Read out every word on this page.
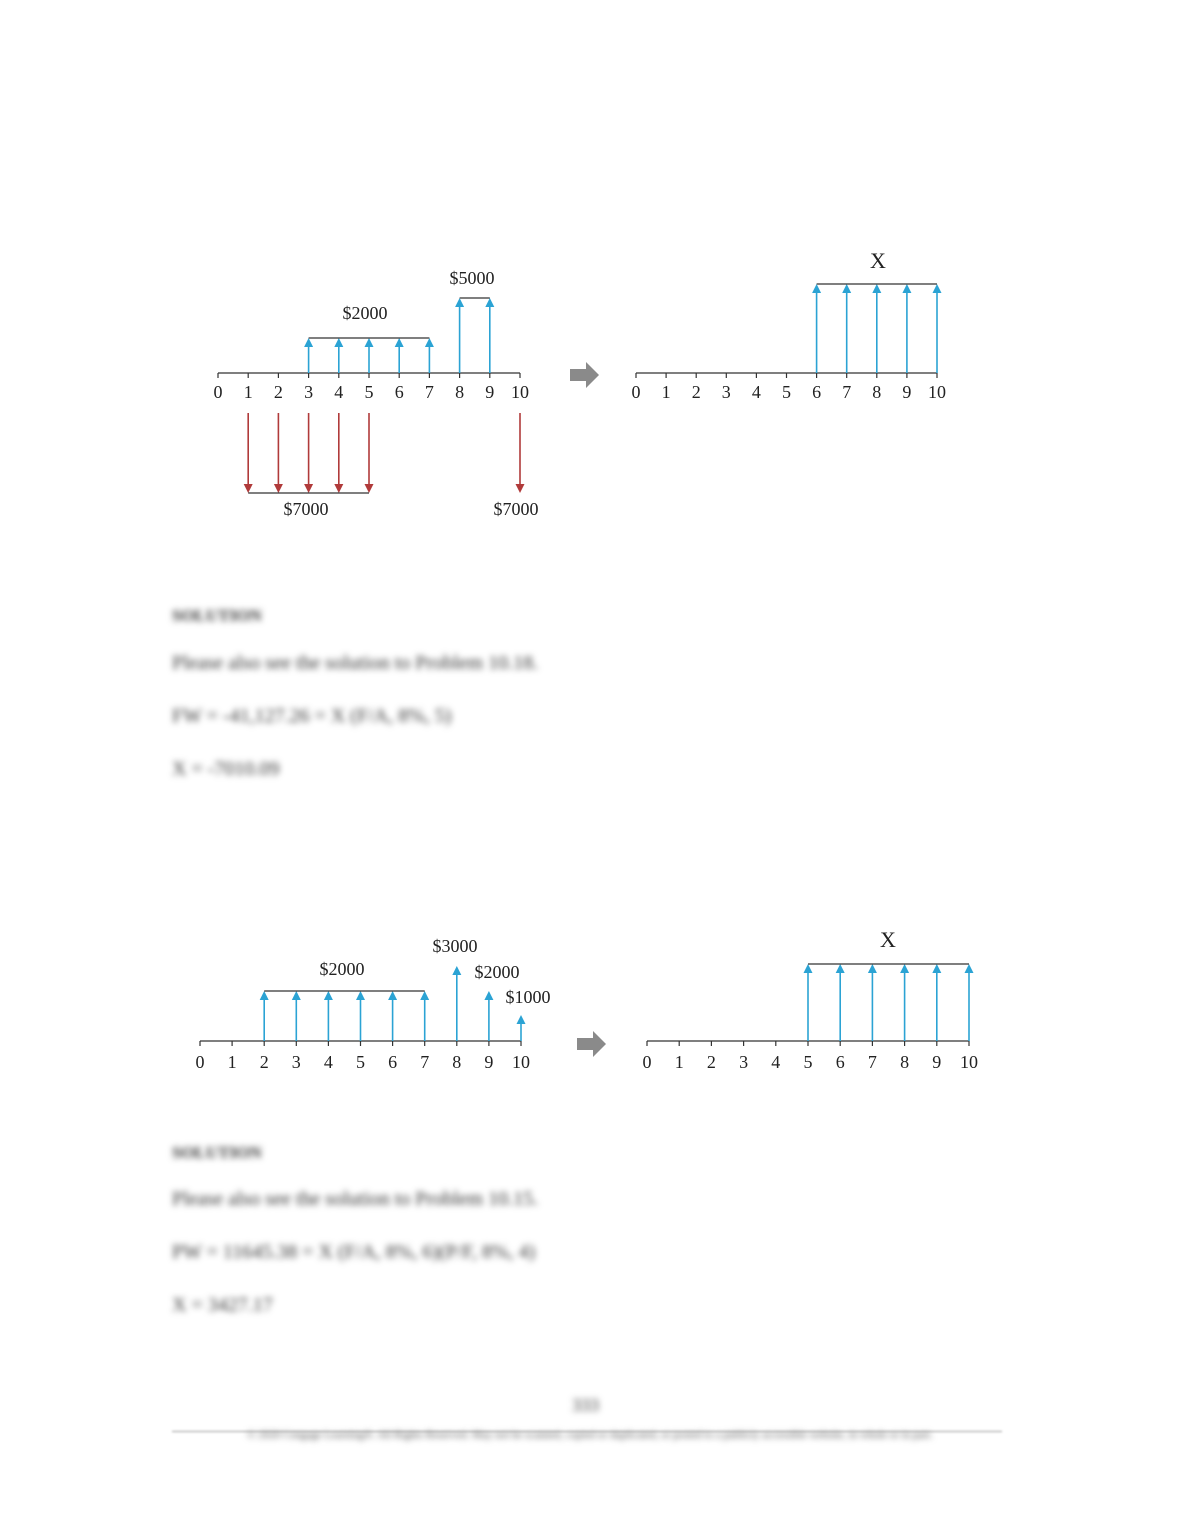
0 1 2 3 4 5 6 7 8 9 10
$2000
$5000
$7000	$7000
0 1 2 3 4 5 6 7 8 9 10
X
0 1 2 3 4 5 6 7 8 9 10
$2000
$3000
$2000
$1000
0 1 2 3 4 5 6 7 8 9 10
X
SOLUTION
Please also see the solution to Problem 10.18.
FW = -41,127.26 = X (F/A, 8%, 5)
X = -7010.09
SOLUTION
Please also see the solution to Problem 10.15.
PW = 11645.38 = X (F/A, 8%, 6)(P/F, 8%, 4)
X = 3427.17
333
© 2020 Cengage Learning®. All Rights Reserved. May not be scanned, copied or duplicated, or posted to a publicly accessible website, in whole or in part.
